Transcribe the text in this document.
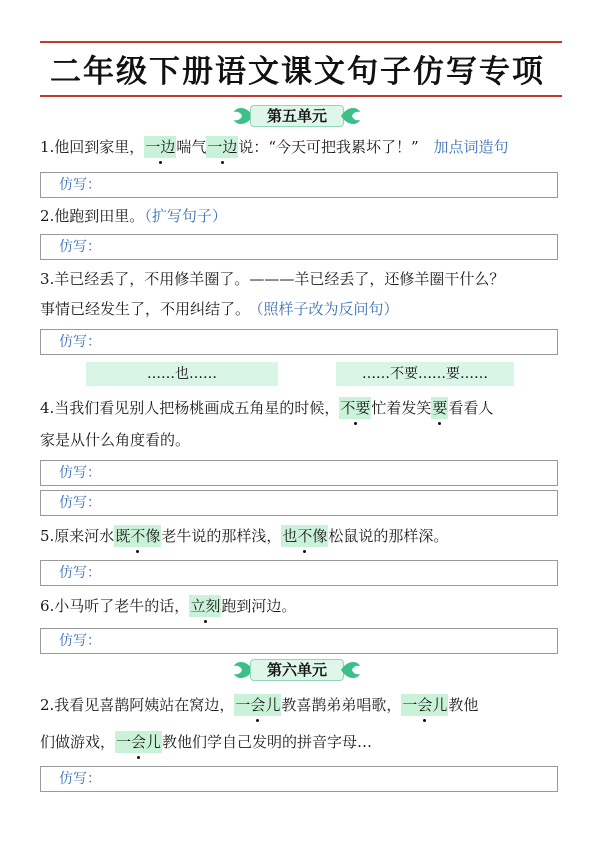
二年级下册语文课文句子仿写专项
第五单元
1.他回到家里，一边喘气一边说：“今天可把我累坏了！” 加点词造句
仿写：
2.他跑到田里。（扩写句子）
仿写：
3.羊已经丢了，不用修羊圈了。———羊已经丢了，还修羊圈干什么？
事情已经发生了，不用纠结了。 （照样子改为反问句）
仿写：
……也……	……不要……要……
4.当我们看见别人把杨桃画成五角星的时候，不要忙着发笑要看看人
家是从什么角度看的。
仿写：
仿写：
5.原来河水既不像老牛说的那样浅，也不像松鼠说的那样深。
仿写：
6.小马听了老牛的话，立刻跑到河边。
仿写：
第六单元
2.我看见喜鹊阿姨站在窝边，一会儿教喜鹊弟弟唱歌，一会儿教他
们做游戏，一会儿教他们学自己发明的拼音字母…
仿写：
